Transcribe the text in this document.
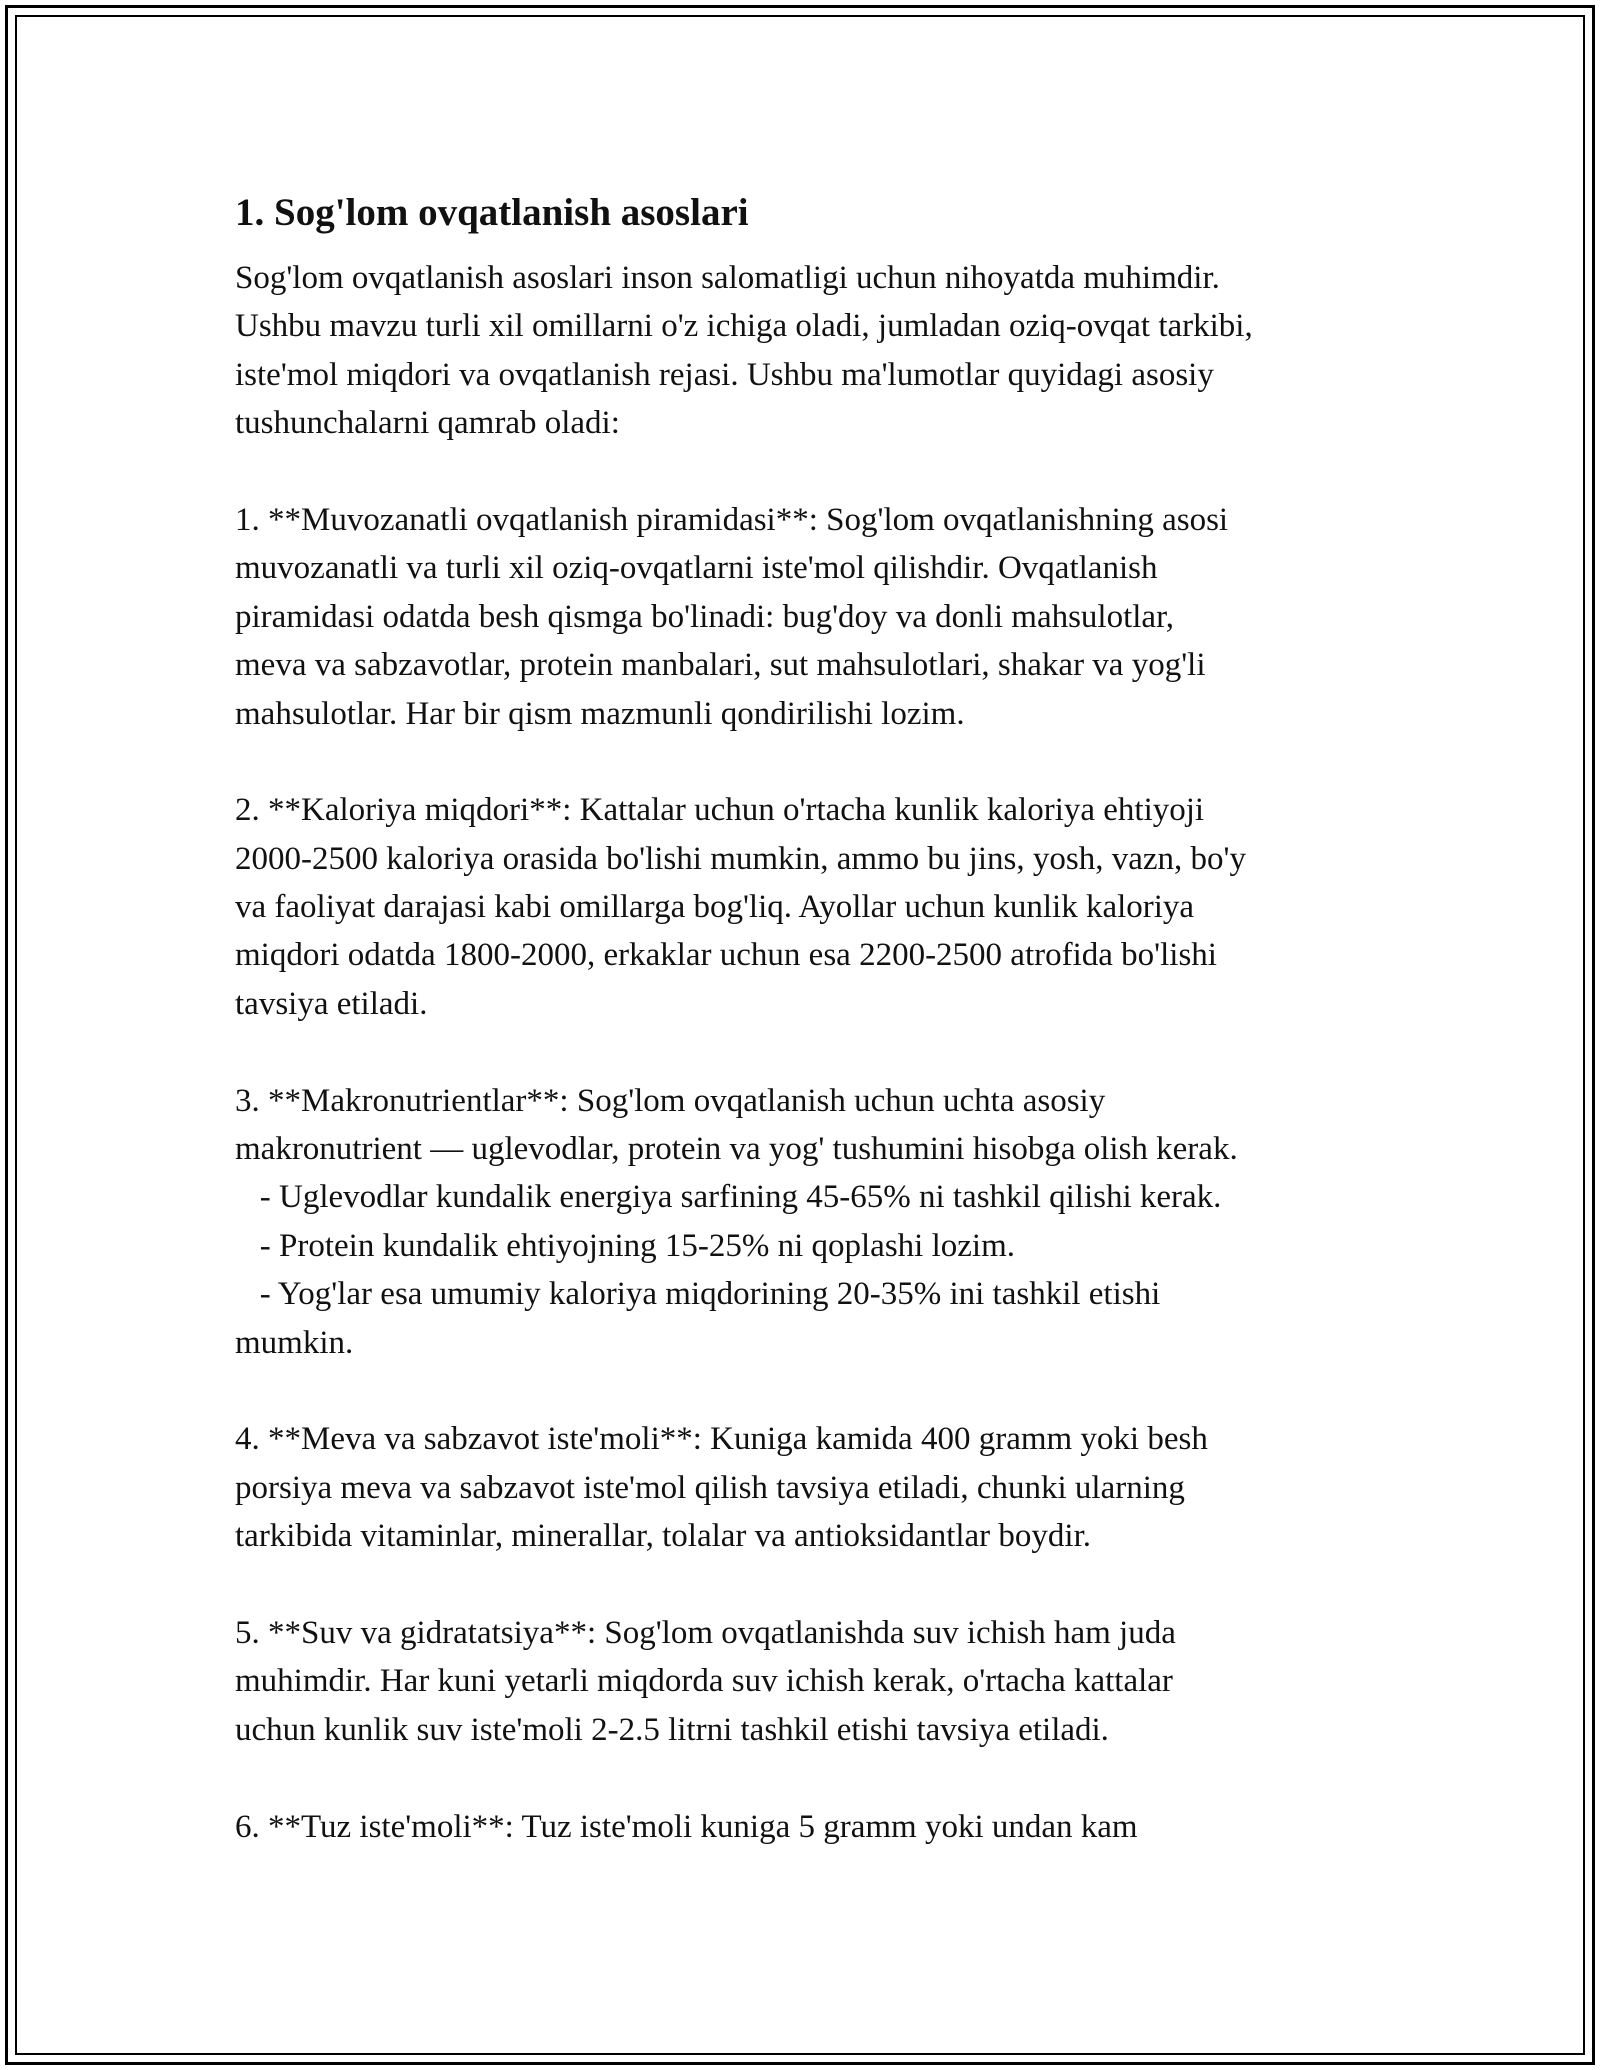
1. Sog'lom ovqatlanish asoslari
Sog'lom ovqatlanish asoslari inson salomatligi uchun nihoyatda muhimdir.
Ushbu mavzu turli xil omillarni o'z ichiga oladi, jumladan oziq-ovqat tarkibi,
iste'mol miqdori va ovqatlanish rejasi. Ushbu ma'lumotlar quyidagi asosiy
tushunchalarni qamrab oladi:
1. **Muvozanatli ovqatlanish piramidasi**: Sog'lom ovqatlanishning asosi
muvozanatli va turli xil oziq-ovqatlarni iste'mol qilishdir. Ovqatlanish
piramidasi odatda besh qismga bo'linadi: bug'doy va donli mahsulotlar,
meva va sabzavotlar, protein manbalari, sut mahsulotlari, shakar va yog'li
mahsulotlar. Har bir qism mazmunli qondirilishi lozim.
2. **Kaloriya miqdori**: Kattalar uchun o'rtacha kunlik kaloriya ehtiyoji
2000-2500 kaloriya orasida bo'lishi mumkin, ammo bu jins, yosh, vazn, bo'y
va faoliyat darajasi kabi omillarga bog'liq. Ayollar uchun kunlik kaloriya
miqdori odatda 1800-2000, erkaklar uchun esa 2200-2500 atrofida bo'lishi
tavsiya etiladi.
3. **Makronutrientlar**: Sog'lom ovqatlanish uchun uchta asosiy
makronutrient — uglevodlar, protein va yog' tushumini hisobga olish kerak.
- Uglevodlar kundalik energiya sarfining 45-65% ni tashkil qilishi kerak.
- Protein kundalik ehtiyojning 15-25% ni qoplashi lozim.
- Yog'lar esa umumiy kaloriya miqdorining 20-35% ini tashkil etishi
mumkin.
4. **Meva va sabzavot iste'moli**: Kuniga kamida 400 gramm yoki besh
porsiya meva va sabzavot iste'mol qilish tavsiya etiladi, chunki ularning
tarkibida vitaminlar, minerallar, tolalar va antioksidantlar boydir.
5. **Suv va gidratatsiya**: Sog'lom ovqatlanishda suv ichish ham juda
muhimdir. Har kuni yetarli miqdorda suv ichish kerak, o'rtacha kattalar
uchun kunlik suv iste'moli 2-2.5 litrni tashkil etishi tavsiya etiladi.
6. **Tuz iste'moli**: Tuz iste'moli kuniga 5 gramm yoki undan kam
